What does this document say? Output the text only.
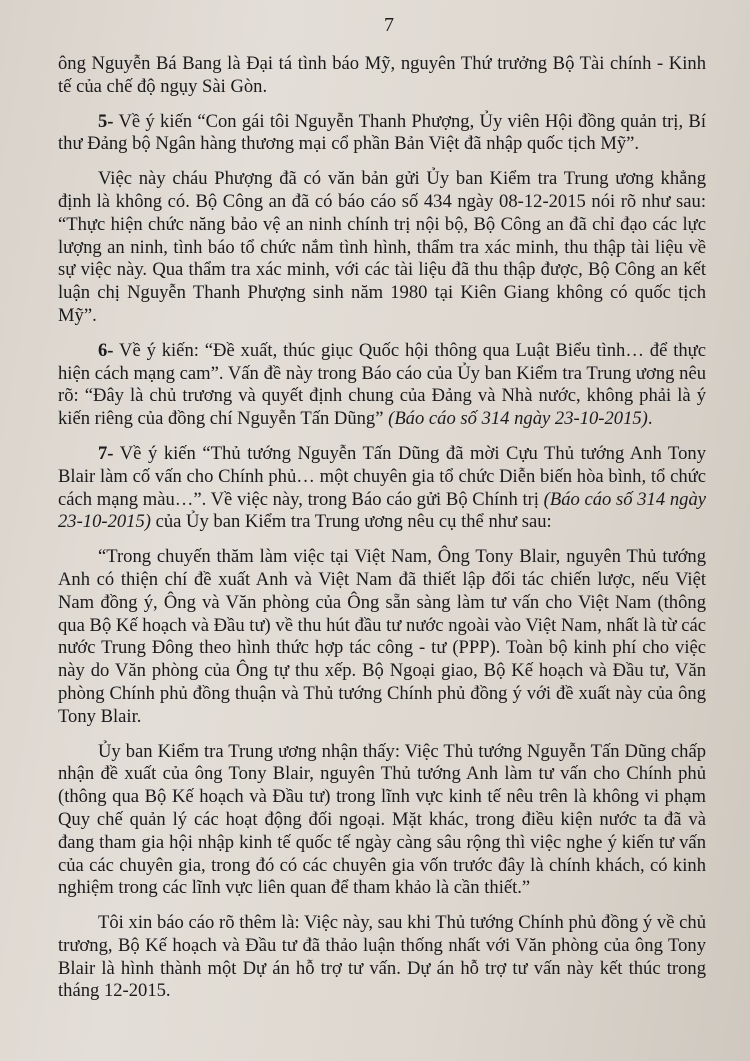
7

ông Nguyễn Bá Bang là Đại tá tình báo Mỹ, nguyên Thứ trưởng Bộ Tài chính - Kinh tế của chế độ ngụy Sài Gòn.

5- Về ý kiến “Con gái tôi Nguyễn Thanh Phượng, Ủy viên Hội đồng quản trị, Bí thư Đảng bộ Ngân hàng thương mại cổ phần Bản Việt đã nhập quốc tịch Mỹ”.

Việc này cháu Phượng đã có văn bản gửi Ủy ban Kiểm tra Trung ương khẳng định là không có. Bộ Công an đã có báo cáo số 434 ngày 08-12-2015 nói rõ như sau: “Thực hiện chức năng bảo vệ an ninh chính trị nội bộ, Bộ Công an đã chỉ đạo các lực lượng an ninh, tình báo tổ chức nắm tình hình, thẩm tra xác minh, thu thập tài liệu về sự việc này. Qua thẩm tra xác minh, với các tài liệu đã thu thập được, Bộ Công an kết luận chị Nguyễn Thanh Phượng sinh năm 1980 tại Kiên Giang không có quốc tịch Mỹ”.

6- Về ý kiến: “Đề xuất, thúc giục Quốc hội thông qua Luật Biểu tình… để thực hiện cách mạng cam”. Vấn đề này trong Báo cáo của Ủy ban Kiểm tra Trung ương nêu rõ: “Đây là chủ trương và quyết định chung của Đảng và Nhà nước, không phải là ý kiến riêng của đồng chí Nguyễn Tấn Dũng” (Báo cáo số 314 ngày 23-10-2015).

7- Về ý kiến “Thủ tướng Nguyễn Tấn Dũng đã mời Cựu Thủ tướng Anh Tony Blair làm cố vấn cho Chính phủ… một chuyên gia tổ chức Diễn biến hòa bình, tổ chức cách mạng màu…”. Về việc này, trong Báo cáo gửi Bộ Chính trị (Báo cáo số 314 ngày 23-10-2015) của Ủy ban Kiểm tra Trung ương nêu cụ thể như sau:

“Trong chuyến thăm làm việc tại Việt Nam, Ông Tony Blair, nguyên Thủ tướng Anh có thiện chí đề xuất Anh và Việt Nam đã thiết lập đối tác chiến lược, nếu Việt Nam đồng ý, Ông và Văn phòng của Ông sẵn sàng làm tư vấn cho Việt Nam (thông qua Bộ Kế hoạch và Đầu tư) về thu hút đầu tư nước ngoài vào Việt Nam, nhất là từ các nước Trung Đông theo hình thức hợp tác công - tư (PPP). Toàn bộ kinh phí cho việc này do Văn phòng của Ông tự thu xếp. Bộ Ngoại giao, Bộ Kế hoạch và Đầu tư, Văn phòng Chính phủ đồng thuận và Thủ tướng Chính phủ đồng ý với đề xuất này của ông Tony Blair.

Ủy ban Kiểm tra Trung ương nhận thấy: Việc Thủ tướng Nguyễn Tấn Dũng chấp nhận đề xuất của ông Tony Blair, nguyên Thủ tướng Anh làm tư vấn cho Chính phủ (thông qua Bộ Kế hoạch và Đầu tư) trong lĩnh vực kinh tế nêu trên là không vi phạm Quy chế quản lý các hoạt động đối ngoại. Mặt khác, trong điều kiện nước ta đã và đang tham gia hội nhập kinh tế quốc tế ngày càng sâu rộng thì việc nghe ý kiến tư vấn của các chuyên gia, trong đó có các chuyên gia vốn trước đây là chính khách, có kinh nghiệm trong các lĩnh vực liên quan để tham khảo là cần thiết.”

Tôi xin báo cáo rõ thêm là: Việc này, sau khi Thủ tướng Chính phủ đồng ý về chủ trương, Bộ Kế hoạch và Đầu tư đã thảo luận thống nhất với Văn phòng của ông Tony Blair là hình thành một Dự án hỗ trợ tư vấn. Dự án hỗ trợ tư vấn này kết thúc trong tháng 12-2015.
